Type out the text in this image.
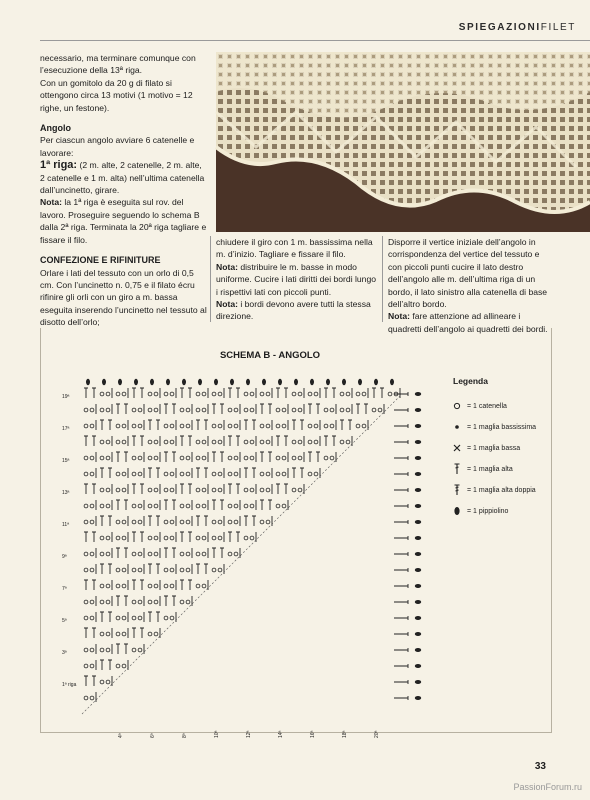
SPIEGAZIONIFILET

necessario, ma terminare comunque con l’esecuzione della 13ª riga.

Con un gomitolo da 20 g di filato si ottengono circa 13 motivi (1 motivo = 12 righe, un festone).

Angolo

Per ciascun angolo avviare 6 catenelle e lavorare:

1ª riga: (2 m. alte, 2 catenelle, 2 m. alte, 2 catenelle e 1 m. alta) nell’ultima catenella dall’uncinetto, girare.

Nota: la 1ª riga è eseguita sul rov. del lavoro. Proseguire seguendo lo schema B dalla 2ª riga. Terminata la 20ª riga tagliare e fissare il filo.

CONFEZIONE E RIFINITURE

Orlare i lati del tessuto con un orlo di 0,5 cm. Con l’uncinetto n. 0,75 e il filato écru rifinire gli orli con un giro a m. bassa eseguita inserendo l’uncinetto nel tessuto al disotto dell’orlo;

chiudere il giro con 1 m. bassissima nella m. d’inizio. Tagliare e fissare il filo.

Nota: distribuire le m. basse in modo uniforme. Cucire i lati diritti dei bordi lungo i rispettivi lati con piccoli punti.

Nota: i bordi devono avere tutti la stessa direzione.

Disporre il vertice iniziale dell’angolo in corrispondenza del vertice del tessuto e con piccoli punti cucire il lato destro dell’angolo alle m. dell’ultima riga di un bordo, il lato sinistro alla catenella di base dell’altro bordo.

Nota: fare attenzione ad allineare i quadretti dell’angolo ai quadretti dei bordi.

SCHEMA B - ANGOLO
19ª
17ª
15ª
13ª
11ª
9ª
7ª
5ª
3ª
1ª riga
4ª	6ª	8ª	10ª	12ª	14ª	16ª	18ª	20ª
Legenda
= 1 catenella
= 1 maglia bassissima
= 1 maglia bassa
= 1 maglia alta
= 1 maglia alta doppia
= 1 pippiolino
33
PassionForum.ru
